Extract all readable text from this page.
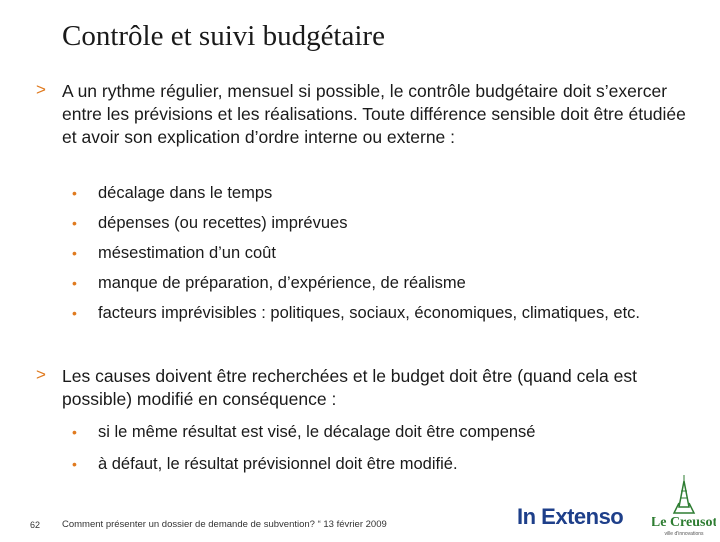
Contrôle et suivi budgétaire
> A un rythme régulier, mensuel si possible, le contrôle budgétaire doit s’exercer entre les prévisions et les réalisations. Toute différence sensible doit être étudiée et avoir son explication d’ordre interne ou externe :
• décalage dans le temps
• dépenses (ou recettes) imprévues
• mésestimation d’un coût
• manque de préparation, d’expérience, de réalisme
• facteurs imprévisibles : politiques, sociaux, économiques, climatiques, etc.
> Les causes doivent être recherchées et le budget doit être (quand cela est possible) modifié en conséquence :
• si le même résultat est visé, le décalage doit être compensé
• à défaut, le résultat prévisionnel doit être modifié.
62 Comment présenter un dossier de demande de subvention? “ 13 février 2009	In Extenso Le Creusot
ville d'innovations
